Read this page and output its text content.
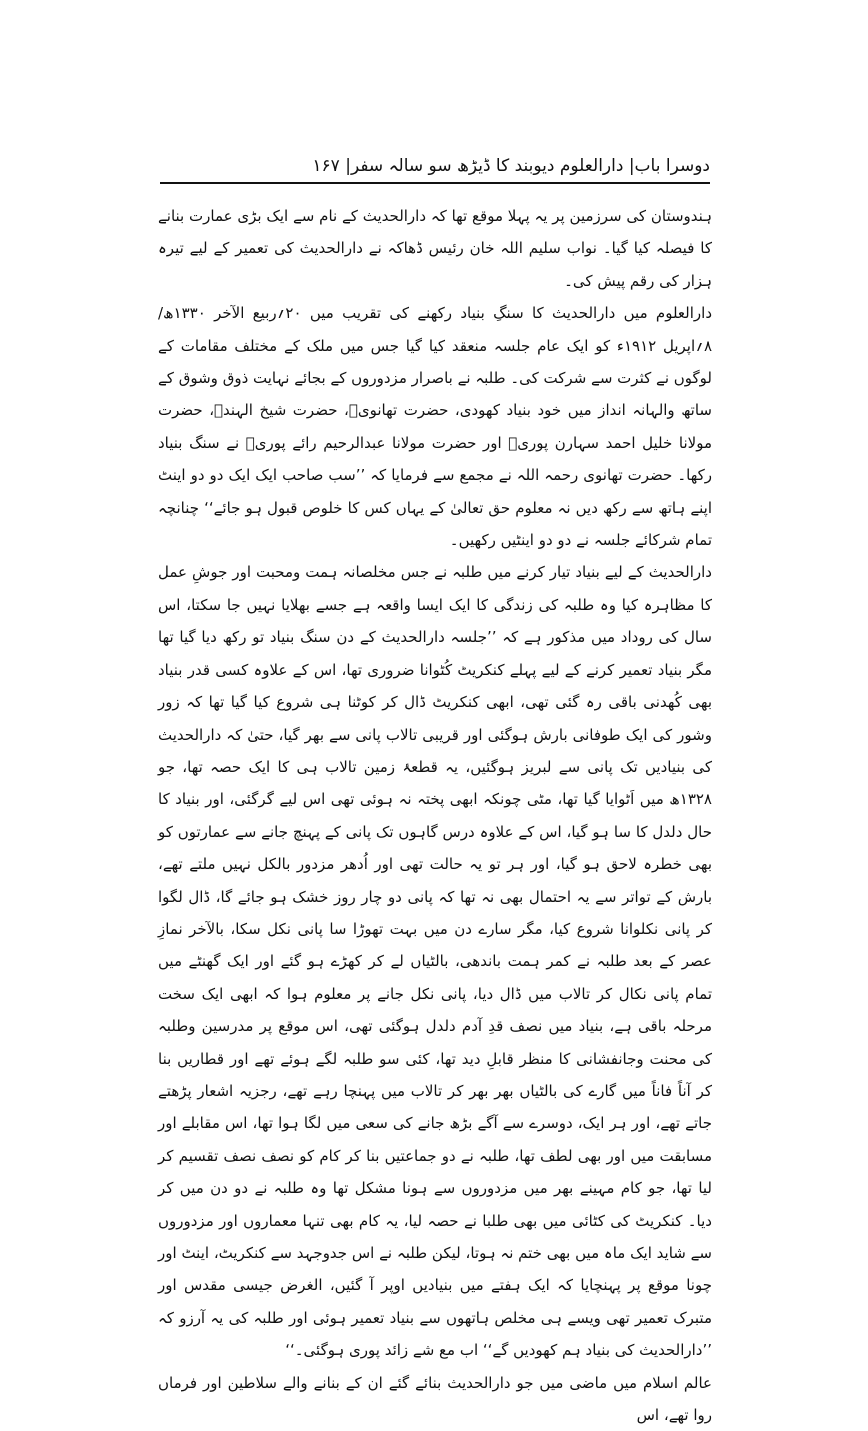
دوسرا باب| دارالعلوم دیوبند کا ڈیڑھ سو سالہ سفر| ۱۶۷

ہندوستان کی سرزمین پر یہ پہلا موقع تھا کہ دارالحدیث کے نام سے ایک بڑی عمارت بنانے کا فیصلہ کیا گیا۔ نواب سلیم اللہ خان رئیس ڈھاکہ نے دارالحدیث کی تعمیر کے لیے تیرہ ہزار کی رقم پیش کی۔

دارالعلوم میں دارالحدیث کا سنگِ بنیاد رکھنے کی تقریب میں ۲۰؍ربیع الآخر ۱۳۳۰ھ/ ۸؍اپریل ۱۹۱۲ء کو ایک عام جلسہ منعقد کیا گیا جس میں ملک کے مختلف مقامات کے لوگوں نے کثرت سے شرکت کی۔ طلبہ نے باصرار مزدوروں کے بجائے نہایت ذوق وشوق کے ساتھ والہانہ انداز میں خود بنیاد کھودی، حضرت تھانویؒ، حضرت شیخ الہندؒ، حضرت مولانا خلیل احمد سہارن پوریؒ اور حضرت مولانا عبدالرحیم رائے پوریؒ نے سنگ بنیاد رکھا۔ حضرت تھانوی رحمہ اللہ نے مجمع سے فرمایا کہ ’’سب صاحب ایک ایک دو دو اینٹ اپنے ہاتھ سے رکھ دیں نہ معلوم حق تعالیٰ کے یہاں کس کا خلوص قبول ہو جائے‘‘ چنانچہ تمام شرکائے جلسہ نے دو دو اینٹیں رکھیں۔

دارالحدیث کے لیے بنیاد تیار کرنے میں طلبہ نے جس مخلصانہ ہمت ومحبت اور جوشِ عمل کا مظاہرہ کیا وہ طلبہ کی زندگی کا ایک ایسا واقعہ ہے جسے بھلایا نہیں جا سکتا، اس سال کی روداد میں مذکور ہے کہ ’’جلسہ دارالحدیث کے دن سنگ بنیاد تو رکھ دیا گیا تھا مگر بنیاد تعمیر کرنے کے لیے پہلے کنکریٹ کُٹوانا ضروری تھا، اس کے علاوہ کسی قدر بنیاد بھی کُھدنی باقی رہ گئی تھی، ابھی کنکریٹ ڈال کر کوٹنا ہی شروع کیا گیا تھا کہ زور وشور کی ایک طوفانی بارش ہوگئی اور قریبی تالاب پانی سے بھر گیا، حتیٰ کہ دارالحدیث کی بنیادیں تک پانی سے لبریز ہوگئیں، یہ قطعۂ زمین تالاب ہی کا ایک حصہ تھا، جو ۱۳۲۸ھ میں اَٹوایا گیا تھا، مٹی چونکہ ابھی پختہ نہ ہوئی تھی اس لیے گرگئی، اور بنیاد کا حال دلدل کا سا ہو گیا، اس کے علاوہ درس گاہوں تک پانی کے پہنچ جانے سے عمارتوں کو بھی خطرہ لاحق ہو گیا، اور ہر تو یہ حالت تھی اور اُدھر مزدور بالکل نہیں ملتے تھے، بارش کے تواتر سے یہ احتمال بھی نہ تھا کہ پانی دو چار روز خشک ہو جائے گا، ڈال لگوا کر پانی نکلوانا شروع کیا، مگر سارے دن میں بہت تھوڑا سا پانی نکل سکا، بالآخر نمازِ عصر کے بعد طلبہ نے کمر ہمت باندھی، بالٹیاں لے کر کھڑے ہو گئے اور ایک گھنٹے میں تمام پانی نکال کر تالاب میں ڈال دیا، پانی نکل جانے پر معلوم ہوا کہ ابھی ایک سخت مرحلہ باقی ہے، بنیاد میں نصف قدِ آدم دلدل ہوگئی تھی، اس موقع پر مدرسین وطلبہ کی محنت وجانفشانی کا منظر قابلِ دید تھا، کئی سو طلبہ لگے ہوئے تھے اور قطاریں بنا کر آناً فاناً میں گارے کی بالٹیاں بھر بھر کر تالاب میں پہنچا رہے تھے، رجزیہ اشعار پڑھتے جاتے تھے، اور ہر ایک، دوسرے سے آگے بڑھ جانے کی سعی میں لگا ہوا تھا، اس مقابلے اور مسابقت میں اور بھی لطف تھا، طلبہ نے دو جماعتیں بنا کر کام کو نصف نصف تقسیم کر لیا تھا، جو کام مہینے بھر میں مزدوروں سے ہونا مشکل تھا وہ طلبہ نے دو دن میں کر دیا۔ کنکریٹ کی کٹائی میں بھی طلبا نے حصہ لیا، یہ کام بھی تنہا معماروں اور مزدوروں سے شاید ایک ماہ میں بھی ختم نہ ہوتا، لیکن طلبہ نے اس جدوجہد سے کنکریٹ، اینٹ اور چونا موقع پر پہنچایا کہ ایک ہفتے میں بنیادیں اوپر آ گئیں، الغرض جیسی مقدس اور متبرک تعمیر تھی ویسے ہی مخلص ہاتھوں سے بنیاد تعمیر ہوئی اور طلبہ کی یہ آرزو کہ ’’دارالحدیث کی بنیاد ہم کھودیں گے‘‘ اب مع شے زائد پوری ہوگئی۔‘‘

عالم اسلام میں ماضی میں جو دارالحدیث بنائے گئے ان کے بنانے والے سلاطین اور فرماں روا تھے، اس
